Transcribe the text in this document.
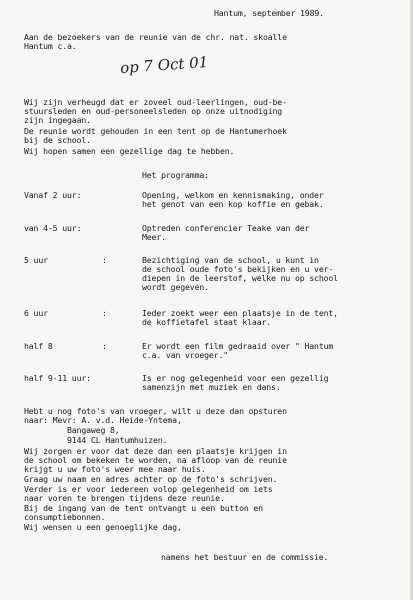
Hantum, september 1989.
Aan de bezoekers van de reunie van de chr. nat. skoalle
Hantum c.a.
op 7 Oct 01
Wij zijn verheugd dat er zoveel oud-leerlingen, oud-be-
stuursleden en oud-personeelsleden op onze uitnodiging
zijn ingegaan.
De reunie wordt gehouden in een tent op de Hantumerhoek
bij de school.
Wij hopen samen een gezellige dag te hebben.
Het programma:
Vanaf 2 uur:	Opening, welkom en kennismaking, onder
het genot van een kop koffie en gebak.
van 4-5 uur:	Optreden conferencier Teake van der
Meer.
5 uur	:	Bezichtiging van de school, u kunt in
de school oude foto's bekijken en u ver-
diepen in de leerstof, welke nu op school
wordt gegeven.
6 uur	:	Ieder zoekt weer een plaatsje in de tent,
de koffietafel staat klaar.
half 8	:	Er wordt een film gedraaid over " Hantum
c.a. van vroeger."
half 9-11 uur:	Is er nog gelegenheid voor een gezellig
samenzijn met muziek en dans.
Hebt u nog foto's van vroeger, wilt u deze dan opsturen
naar: Mevr: A. v.d. Heide-Yntema,
Bangaweg 8,
9144 CL Hantumhuizen.
Wij zorgen er voor dat deze dan een plaatsje krijgen in
de school om bekeken te worden, na afloop van de reunie
krijgt u uw foto's weer mee naar huis.
Graag uw naam en adres achter op de foto's schrijven.
Verder is er voor iedereen volop gelegenheid om iets
naar voren te brengen tijdens deze reunie.
Bij de ingang van de tent ontvangt u een button en
consumptiebonnen.
Wij wensen u een genoeglijke dag,
namens het bestuur en de commissie.
